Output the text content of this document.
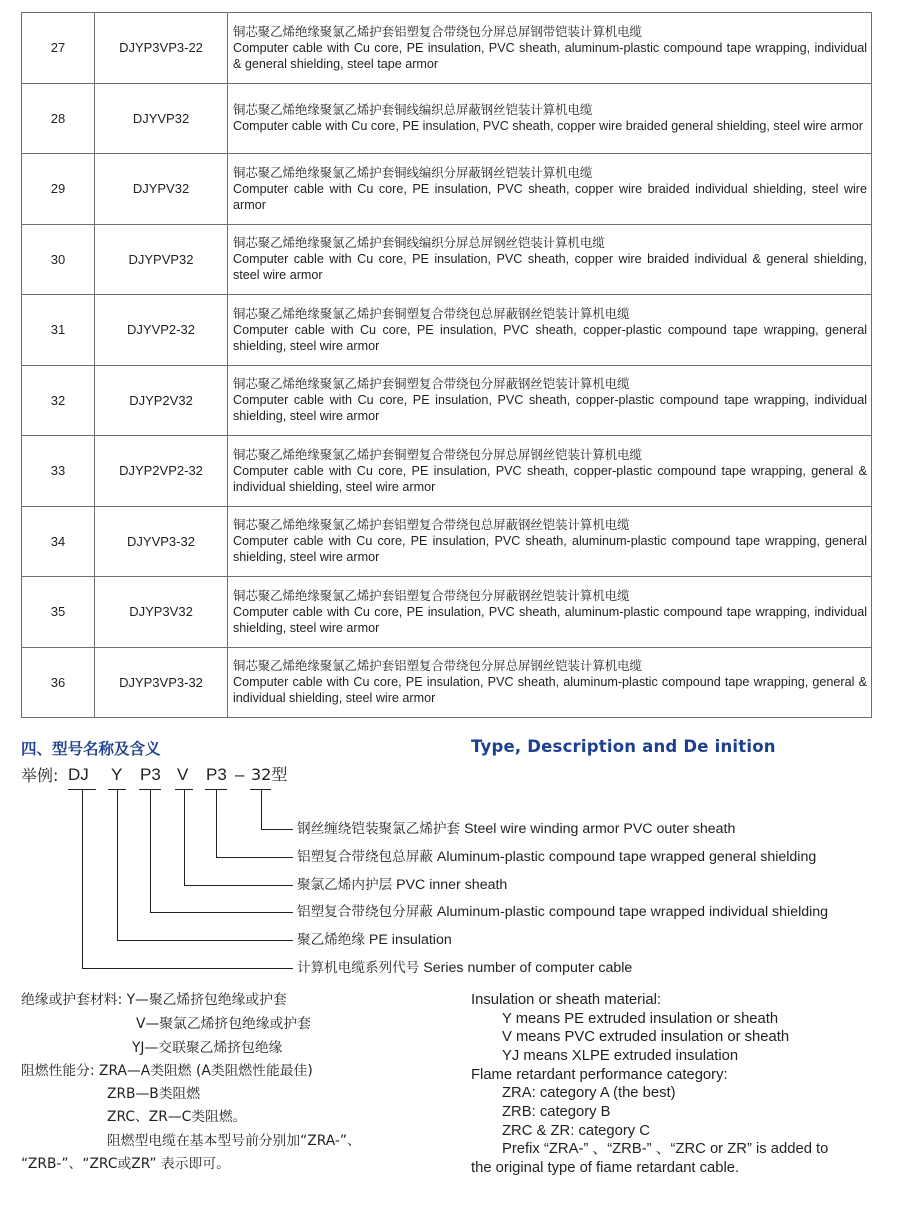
27	DJYP3VP3-22	铜芯聚乙烯绝缘聚氯乙烯护套铝塑复合带绕包分屏总屏钢带铠装计算机电缆
Computer cable with Cu core, PE insulation, PVC sheath, aluminum-plastic compound tape wrapping, individual & general shielding, steel tape armor

28	DJYVP32	铜芯聚乙烯绝缘聚氯乙烯护套铜线编织总屏蔽钢丝铠装计算机电缆
Computer cable with Cu core, PE insulation, PVC sheath, copper wire braided general shielding, steel wire armor

29	DJYPV32	铜芯聚乙烯绝缘聚氯乙烯护套铜线编织分屏蔽钢丝铠装计算机电缆
Computer cable with Cu core, PE insulation, PVC sheath, copper wire braided individual shielding, steel wire armor

30	DJYPVP32	铜芯聚乙烯绝缘聚氯乙烯护套铜线编织分屏总屏钢丝铠装计算机电缆
Computer cable with Cu core, PE insulation, PVC sheath, copper wire braided individual & general shielding, steel wire armor

31	DJYVP2-32	铜芯聚乙烯绝缘聚氯乙烯护套铜塑复合带绕包总屏蔽钢丝铠装计算机电缆
Computer cable with Cu core, PE insulation, PVC sheath, copper-plastic compound tape wrapping, general shielding, steel wire armor

32	DJYP2V32	铜芯聚乙烯绝缘聚氯乙烯护套铜塑复合带绕包分屏蔽钢丝铠装计算机电缆
Computer cable with Cu core, PE insulation, PVC sheath, copper-plastic compound tape wrapping, individual shielding, steel wire armor

33	DJYP2VP2-32	铜芯聚乙烯绝缘聚氯乙烯护套铜塑复合带绕包分屏总屏钢丝铠装计算机电缆
Computer cable with Cu core, PE insulation, PVC sheath, copper-plastic compound tape wrapping, general & individual shielding, steel wire armor

34	DJYVP3-32	铜芯聚乙烯绝缘聚氯乙烯护套铝塑复合带绕包总屏蔽钢丝铠装计算机电缆
Computer cable with Cu core, PE insulation, PVC sheath, aluminum-plastic compound tape wrapping, general shielding, steel wire armor

35	DJYP3V32	铜芯聚乙烯绝缘聚氯乙烯护套铝塑复合带绕包分屏蔽钢丝铠装计算机电缆
Computer cable with Cu core, PE insulation, PVC sheath, aluminum-plastic compound tape wrapping, individual shielding, steel wire armor

36	DJYP3VP3-32	铜芯聚乙烯绝缘聚氯乙烯护套铝塑复合带绕包分屏总屏钢丝铠装计算机电缆
Computer cable with Cu core, PE insulation, PVC sheath, aluminum-plastic compound tape wrapping, general & individual shielding, steel wire armor
四、型号名称及含义	Type, Description and De inition
举例: DJ Y P3 V P3 – 32型
钢丝缠绕铠装聚氯乙烯护套 Steel wire winding armor PVC outer sheath
铝塑复合带绕包总屏蔽 Aluminum-plastic compound tape wrapped general shielding
聚氯乙烯内护层 PVC inner sheath
铝塑复合带绕包分屏蔽 Aluminum-plastic compound tape wrapped individual shielding
聚乙烯绝缘 PE insulation
计算机电缆系列代号 Series number of computer cable
绝缘或护套材料: Y—聚乙烯挤包绝缘或护套
V—聚氯乙烯挤包绝缘或护套
YJ—交联聚乙烯挤包绝缘
阻燃性能分: ZRA—A类阻燃 (A类阻燃性能最佳)
ZRB—B类阻燃
ZRC、ZR—C类阻燃。
阻燃型电缆在基本型号前分别加“ZRA-”、
“ZRB-”、“ZRC或ZR” 表示即可。
Insulation or sheath material:
Y means PE extruded insulation or sheath
V means PVC extruded insulation or sheath
YJ means XLPE extruded insulation
Flame retardant performance category:
ZRA: category A (the best)
ZRB: category B
ZRC & ZR: category C
Prefix “ZRA-” 、“ZRB-” 、“ZRC or ZR” is added to
the original type of fiame retardant cable.
